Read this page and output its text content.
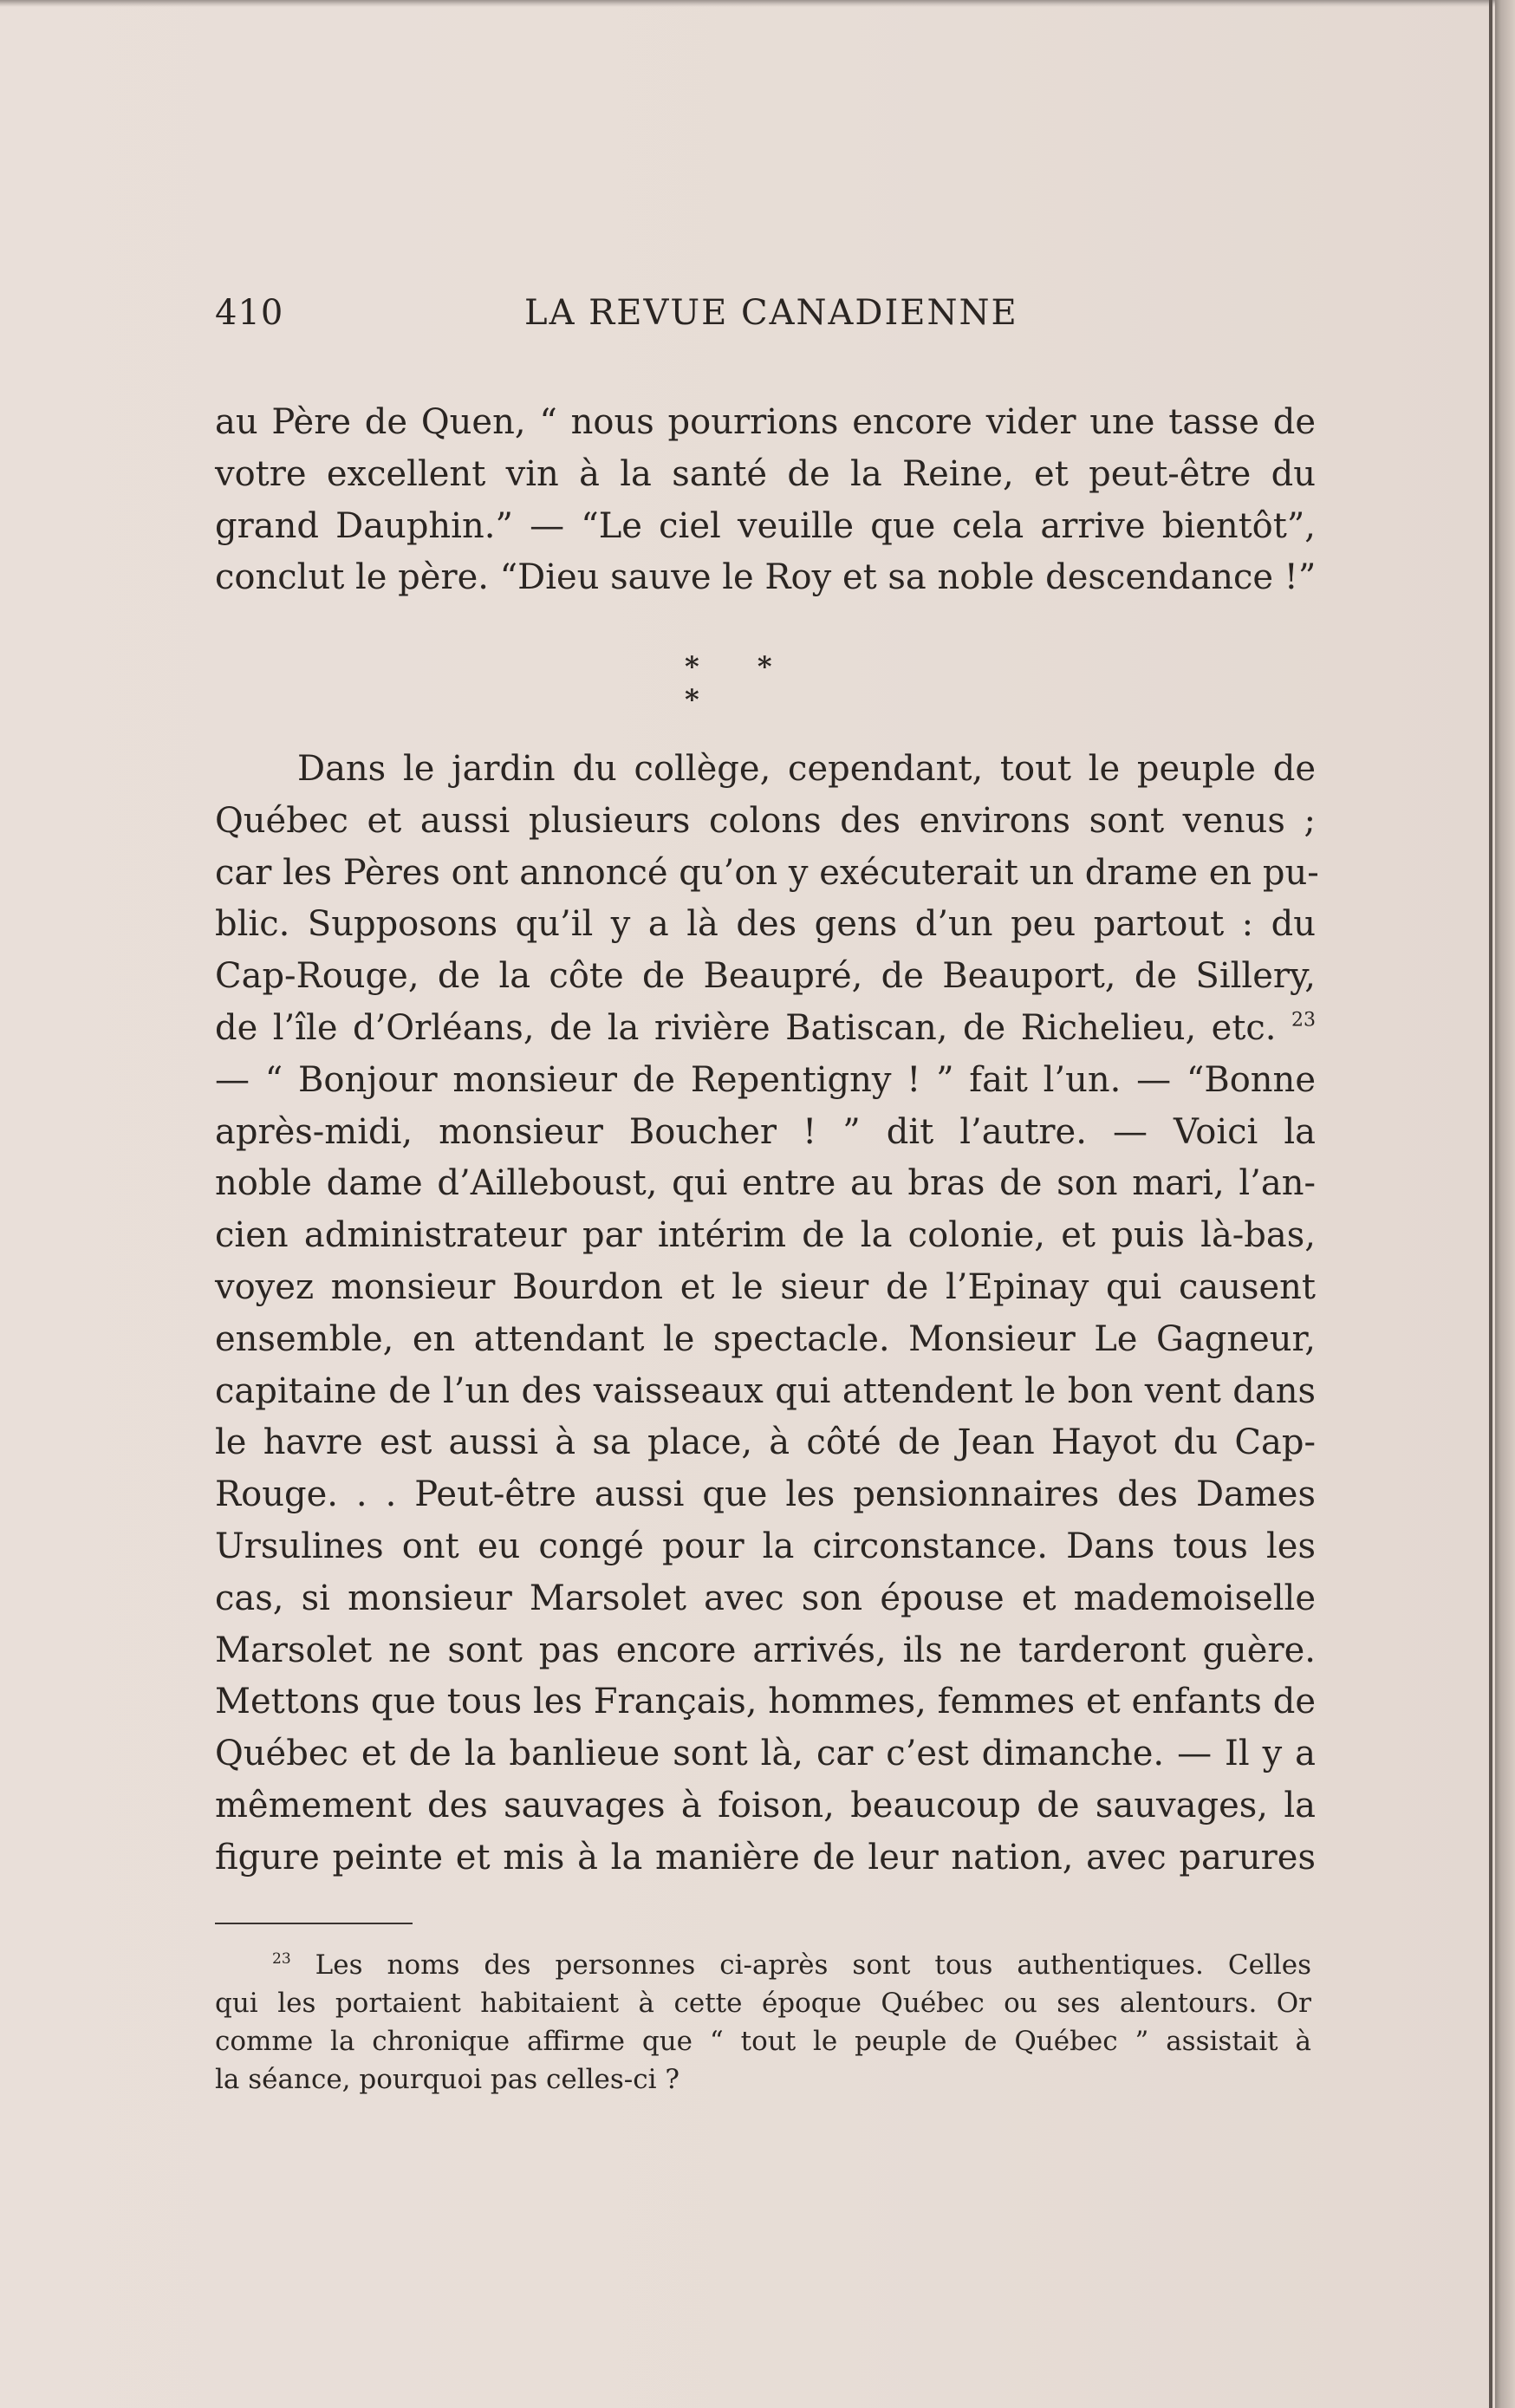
410	LA REVUE CANADIENNE
au Père de Quen, “ nous pourrions encore vider une tasse de
votre excellent vin à la santé de la Reine, et peut-être du
grand Dauphin.” — “Le ciel veuille que cela arrive bientôt”,
conclut le père. “Dieu sauve le Roy et sa noble descendance !”
* * *
Dans le jardin du collège, cependant, tout le peuple de
Québec et aussi plusieurs colons des environs sont venus ;
car les Pères ont annoncé qu’on y exécuterait un drame en pu-
blic. Supposons qu’il y a là des gens d’un peu partout : du
Cap-Rouge, de la côte de Beaupré, de Beauport, de Sillery,
de l’île d’Orléans, de la rivière Batiscan, de Richelieu, etc. $^{23}$
— “ Bonjour monsieur de Repentigny ! ” fait l’un. — “Bonne
après-midi, monsieur Boucher ! ” dit l’autre. — Voici la
noble dame d’Ailleboust, qui entre au bras de son mari, l’an-
cien administrateur par intérim de la colonie, et puis là-bas,
voyez monsieur Bourdon et le sieur de l’Epinay qui causent
ensemble, en attendant le spectacle. Monsieur Le Gagneur,
capitaine de l’un des vaisseaux qui attendent le bon vent dans
le havre est aussi à sa place, à côté de Jean Hayot du Cap-
Rouge. . . Peut-être aussi que les pensionnaires des Dames
Ursulines ont eu congé pour la circonstance. Dans tous les
cas, si monsieur Marsolet avec son épouse et mademoiselle
Marsolet ne sont pas encore arrivés, ils ne tarderont guère.
Mettons que tous les Français, hommes, femmes et enfants de
Québec et de la banlieue sont là, car c’est dimanche. — Il y a
mêmement des sauvages à foison, beaucoup de sauvages, la
figure peinte et mis à la manière de leur nation, avec parures
$^{23}$ Les noms des personnes ci-après sont tous authentiques. Celles
qui les portaient habitaient à cette époque Québec ou ses alentours. Or
comme la chronique affirme que “ tout le peuple de Québec ” assistait à
la séance, pourquoi pas celles-ci ?
